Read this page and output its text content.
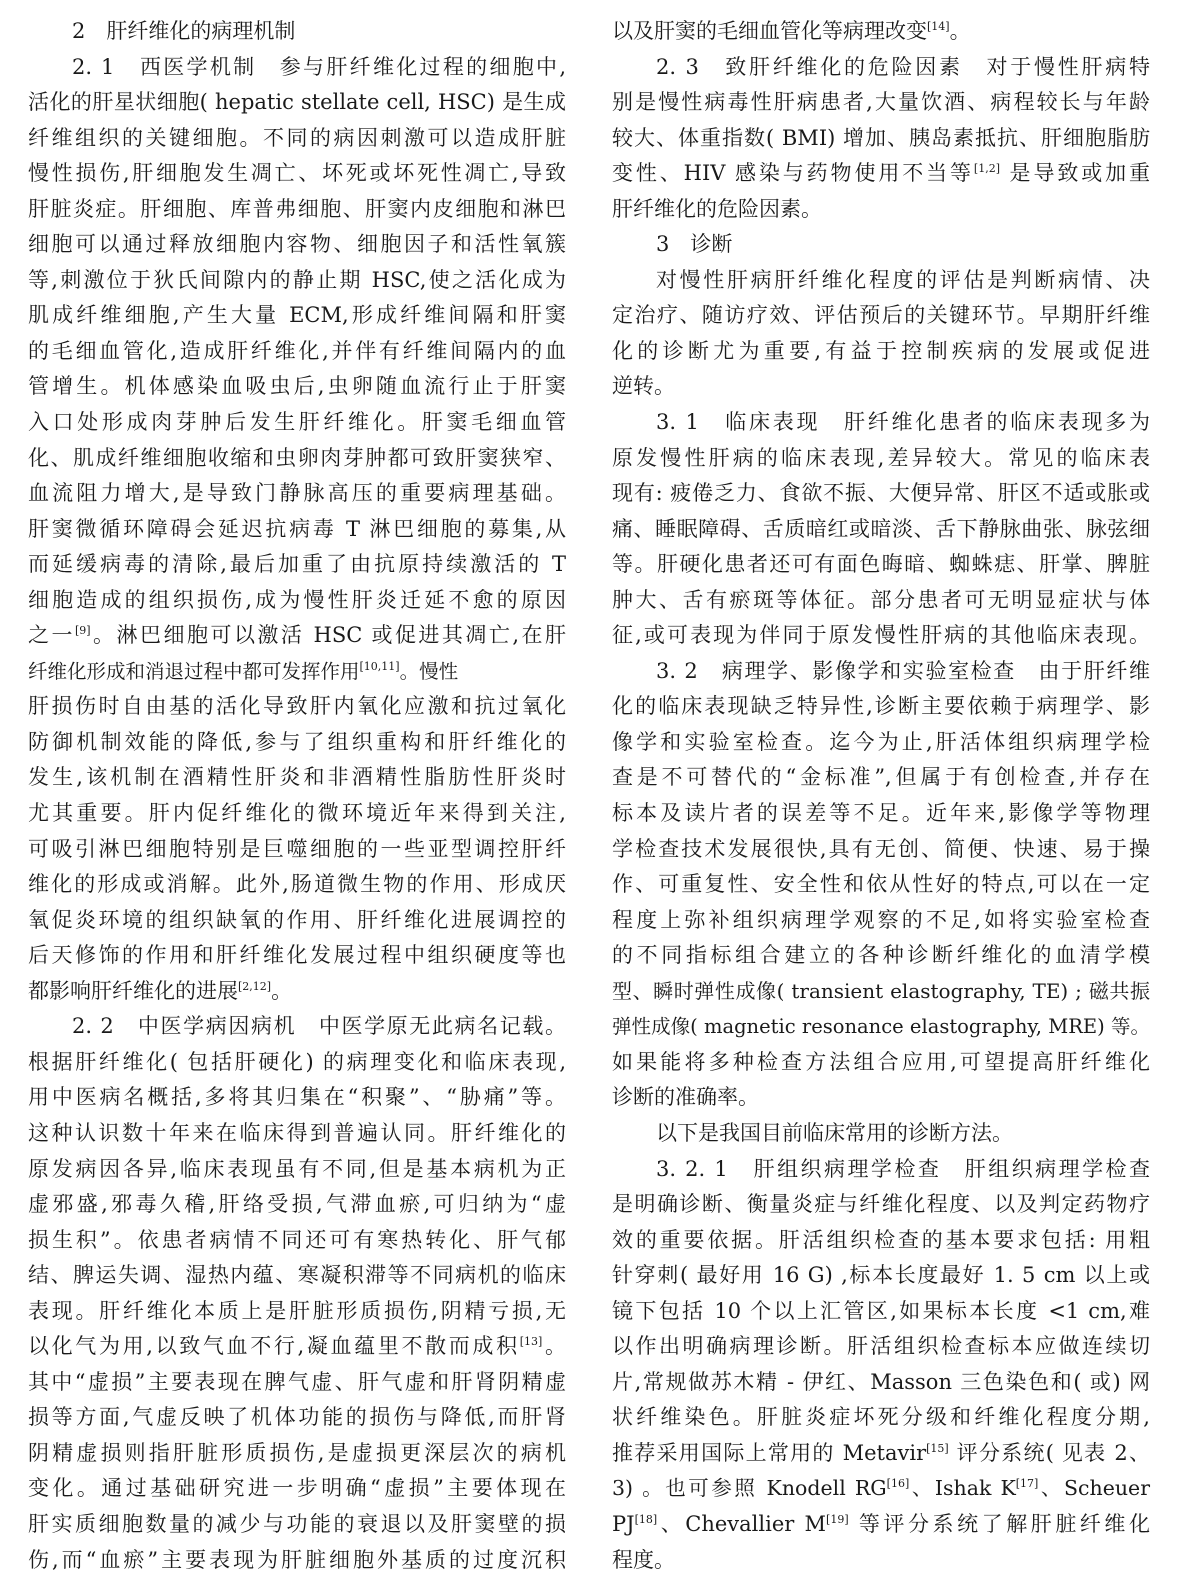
2　肝纤维化的病理机制
2. 1　西医学机制　参与肝纤维化过程的细胞中,
活化的肝星状细胞( hepatic stellate cell, HSC) 是生成
纤维组织的关键细胞。不同的病因刺激可以造成肝脏
慢性损伤,肝细胞发生凋亡、坏死或坏死性凋亡,导致
肝脏炎症。肝细胞、库普弗细胞、肝窦内皮细胞和淋巴
细胞可以通过释放细胞内容物、细胞因子和活性氧簇
等,刺激位于狄氏间隙内的静止期 HSC,使之活化成为
肌成纤维细胞,产生大量 ECM,形成纤维间隔和肝窦
的毛细血管化,造成肝纤维化,并伴有纤维间隔内的血
管增生。机体感染血吸虫后,虫卵随血流行止于肝窦
入口处形成肉芽肿后发生肝纤维化。肝窦毛细血管
化、肌成纤维细胞收缩和虫卵肉芽肿都可致肝窦狭窄、
血流阻力增大,是导致门静脉高压的重要病理基础。
肝窦微循环障碍会延迟抗病毒 T 淋巴细胞的募集,从
而延缓病毒的清除,最后加重了由抗原持续激活的 T
细胞造成的组织损伤,成为慢性肝炎迁延不愈的原因
之一[9]。淋巴细胞可以激活 HSC 或促进其凋亡,在肝
纤维化形成和消退过程中都可发挥作用[10,11]。慢性
肝损伤时自由基的活化导致肝内氧化应激和抗过氧化
防御机制效能的降低,参与了组织重构和肝纤维化的
发生,该机制在酒精性肝炎和非酒精性脂肪性肝炎时
尤其重要。肝内促纤维化的微环境近年来得到关注,
可吸引淋巴细胞特别是巨噬细胞的一些亚型调控肝纤
维化的形成或消解。此外,肠道微生物的作用、形成厌
氧促炎环境的组织缺氧的作用、肝纤维化进展调控的
后天修饰的作用和肝纤维化发展过程中组织硬度等也
都影响肝纤维化的进展[2,12]。
2. 2　中医学病因病机　中医学原无此病名记载。
根据肝纤维化( 包括肝硬化) 的病理变化和临床表现,
用中医病名概括,多将其归集在“积聚”、“胁痛”等。
这种认识数十年来在临床得到普遍认同。肝纤维化的
原发病因各异,临床表现虽有不同,但是基本病机为正
虚邪盛,邪毒久稽,肝络受损,气滞血瘀,可归纳为“虚
损生积”。依患者病情不同还可有寒热转化、肝气郁
结、脾运失调、湿热内蕴、寒凝积滞等不同病机的临床
表现。肝纤维化本质上是肝脏形质损伤,阴精亏损,无
以化气为用,以致气血不行,凝血蕴里不散而成积[13]。
其中“虚损”主要表现在脾气虚、肝气虚和肝肾阴精虚
损等方面,气虚反映了机体功能的损伤与降低,而肝肾
阴精虚损则指肝脏形质损伤,是虚损更深层次的病机
变化。通过基础研究进一步明确“虚损”主要体现在
肝实质细胞数量的减少与功能的衰退以及肝窦壁的损
伤,而“血瘀”主要表现为肝脏细胞外基质的过度沉积
以及肝窦的毛细血管化等病理改变[14]。
2. 3　致肝纤维化的危险因素　对于慢性肝病特
别是慢性病毒性肝病患者,大量饮酒、病程较长与年龄
较大、体重指数( BMI) 增加、胰岛素抵抗、肝细胞脂肪
变性、HIV 感染与药物使用不当等[1,2] 是导致或加重
肝纤维化的危险因素。
3　诊断
对慢性肝病肝纤维化程度的评估是判断病情、决
定治疗、随访疗效、评估预后的关键环节。早期肝纤维
化的诊断尤为重要,有益于控制疾病的发展或促进
逆转。
3. 1　临床表现　肝纤维化患者的临床表现多为
原发慢性肝病的临床表现,差异较大。常见的临床表
现有: 疲倦乏力、食欲不振、大便异常、肝区不适或胀或
痛、睡眠障碍、舌质暗红或暗淡、舌下静脉曲张、脉弦细
等。肝硬化患者还可有面色晦暗、蜘蛛痣、肝掌、脾脏
肿大、舌有瘀斑等体征。部分患者可无明显症状与体
征,或可表现为伴同于原发慢性肝病的其他临床表现。
3. 2　病理学、影像学和实验室检查　由于肝纤维
化的临床表现缺乏特异性,诊断主要依赖于病理学、影
像学和实验室检查。迄今为止,肝活体组织病理学检
查是不可替代的“金标准”,但属于有创检查,并存在
标本及读片者的误差等不足。近年来,影像学等物理
学检查技术发展很快,具有无创、简便、快速、易于操
作、可重复性、安全性和依从性好的特点,可以在一定
程度上弥补组织病理学观察的不足,如将实验室检查
的不同指标组合建立的各种诊断纤维化的血清学模
型、瞬时弹性成像( transient elastography, TE) ; 磁共振
弹性成像( magnetic resonance elastography, MRE) 等。
如果能将多种检查方法组合应用,可望提高肝纤维化
诊断的准确率。
以下是我国目前临床常用的诊断方法。
3. 2. 1　肝组织病理学检查　肝组织病理学检查
是明确诊断、衡量炎症与纤维化程度、以及判定药物疗
效的重要依据。肝活组织检查的基本要求包括: 用粗
针穿刺( 最好用 16 G) ,标本长度最好 1. 5 cm 以上或
镜下包括 10 个以上汇管区,如果标本长度 <1 cm,难
以作出明确病理诊断。肝活组织检查标本应做连续切
片,常规做苏木精 - 伊红、Masson 三色染色和( 或) 网
状纤维染色。肝脏炎症坏死分级和纤维化程度分期,
推荐采用国际上常用的 Metavir[15] 评分系统( 见表 2、
3) 。也可参照 Knodell RG[16]、Ishak K[17]、Scheuer
PJ[18]、Chevallier M[19] 等评分系统了解肝脏纤维化
程度。
